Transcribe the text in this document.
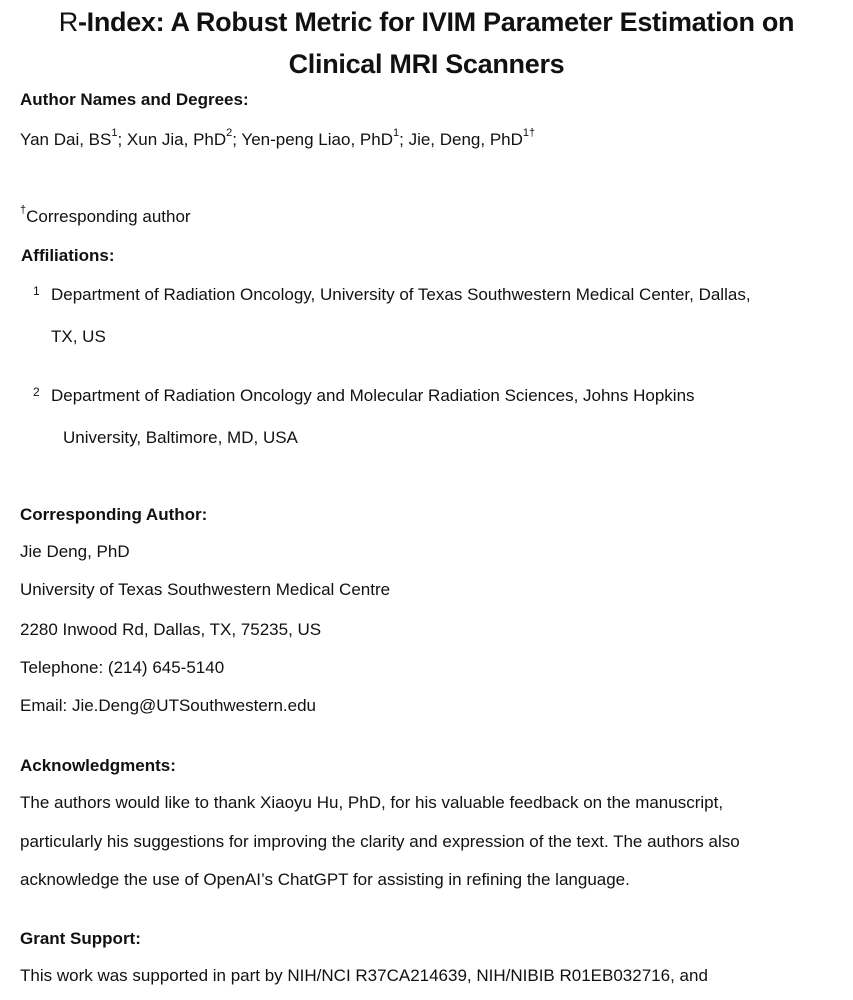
R-Index: A Robust Metric for IVIM Parameter Estimation on
Clinical MRI Scanners
Author Names and Degrees:
Yan Dai, $BS^1$; Xun Jia, PhD$^2$; Yen-peng Liao, PhD$^1$; Jie, Deng, PhD$^{1\dagger}$
†Corresponding author
Affiliations:
1 Department of Radiation Oncology, University of Texas Southwestern Medical Center, Dallas,
TX, US
2 Department of Radiation Oncology and Molecular Radiation Sciences, Johns Hopkins
University, Baltimore, MD, USA
Corresponding Author:
Jie Deng, PhD
University of Texas Southwestern Medical Centre
2280 Inwood Rd, Dallas, TX, 75235, US
Telephone: (214) 645-5140
Email: Jie.Deng@UTSouthwestern.edu
Acknowledgments:
The authors would like to thank Xiaoyu Hu, PhD, for his valuable feedback on the manuscript,
particularly his suggestions for improving the clarity and expression of the text. The authors also
acknowledge the use of OpenAI’s ChatGPT for assisting in refining the language.
Grant Support:
This work was supported in part by NIH/NCI R37CA214639, NIH/NIBIB R01EB032716, and
